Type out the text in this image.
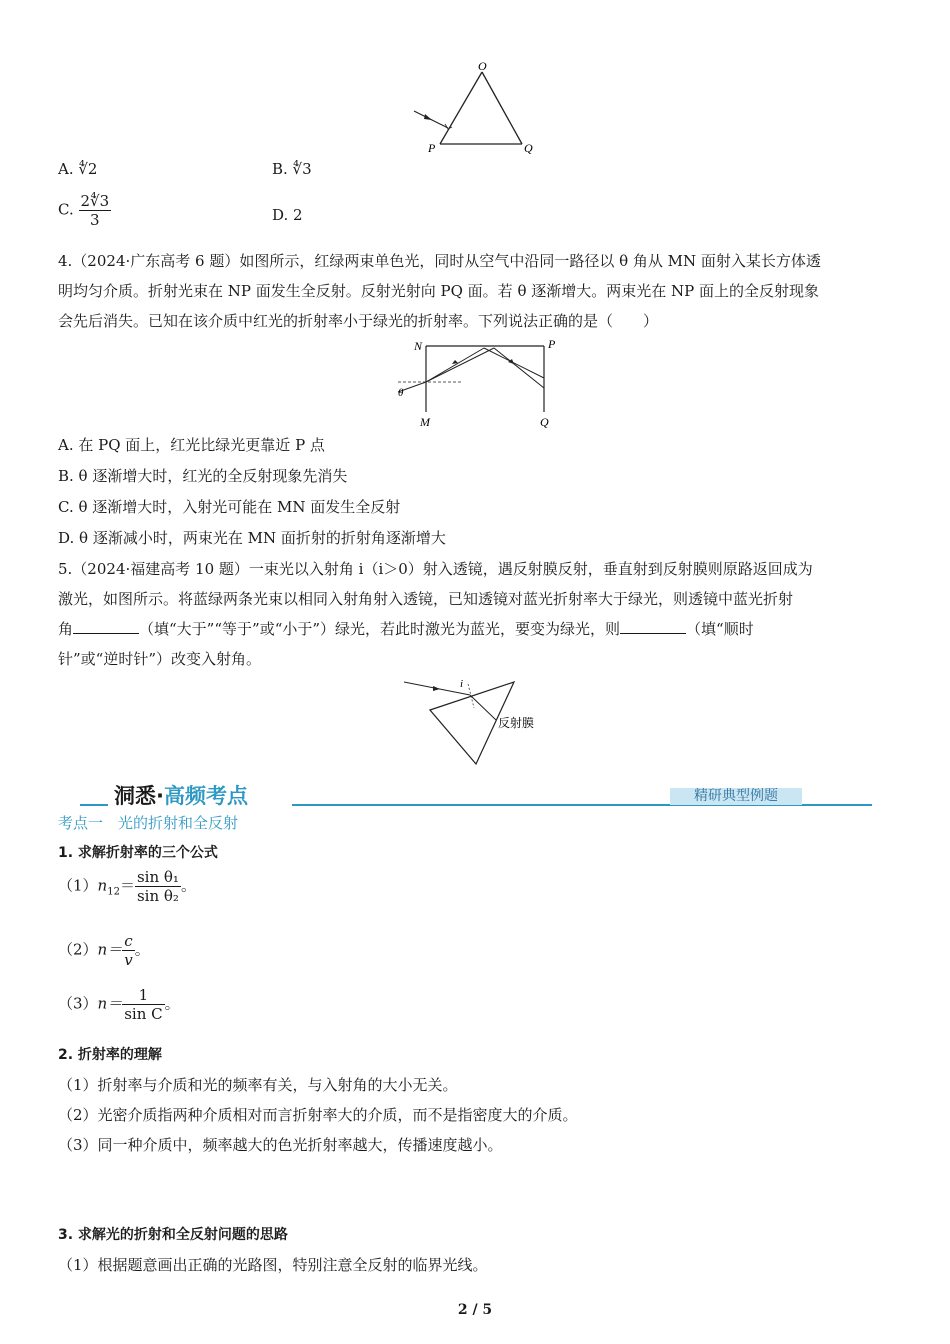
O
P	Q
A. ∜2	B. ∜3
C. $\frac{2∜3}{3}$	D. 2
4.（2024·广东高考 6 题）如图所示，红绿两束单色光，同时从空气中沿同一路径以 θ 角从 MN 面射入某长方体透
明均匀介质。折射光束在 NP 面发生全反射。反射光射向 PQ 面。若 θ 逐渐增大。两束光在 NP 面上的全反射现象
会先后消失。已知在该介质中红光的折射率小于绿光的折射率。下列说法正确的是（　　）
N	P
M	Q
θ
A. 在 PQ 面上，红光比绿光更靠近 P 点
B. θ 逐渐增大时，红光的全反射现象先消失
C. θ 逐渐增大时，入射光可能在 MN 面发生全反射
D. θ 逐渐减小时，两束光在 MN 面折射的折射角逐渐增大
5.（2024·福建高考 10 题）一束光以入射角 i（i＞0）射入透镜，遇反射膜反射，垂直射到反射膜则原路返回成为
激光，如图所示。将蓝绿两条光束以相同入射角射入透镜，已知透镜对蓝光折射率大于绿光，则透镜中蓝光折射
角	（填“大于”“等于”或“小于”）绿光，若此时激光为蓝光，要变为绿光，则	（填“顺时
针”或“逆时针”）改变入射角。
i
反射膜
洞悉·高频考点	精研典型例题
考点一　光的折射和全反射
1. 求解折射率的三个公式
$(1)n_{12}= \frac{\text{sin θ₁}}{\text{sin θ₂}}$ 。
$(2)n= \frac{c}{v}$ 。
$(3)n= \frac{1}{\text{sin C}}$ 。
2. 折射率的理解
（1）折射率与介质和光的频率有关，与入射角的大小无关。
（2）光密介质指两种介质相对而言折射率大的介质，而不是指密度大的介质。
（3）同一种介质中，频率越大的色光折射率越大，传播速度越小。
3. 求解光的折射和全反射问题的思路
（1）根据题意画出正确的光路图，特别注意全反射的临界光线。
2 / 5
